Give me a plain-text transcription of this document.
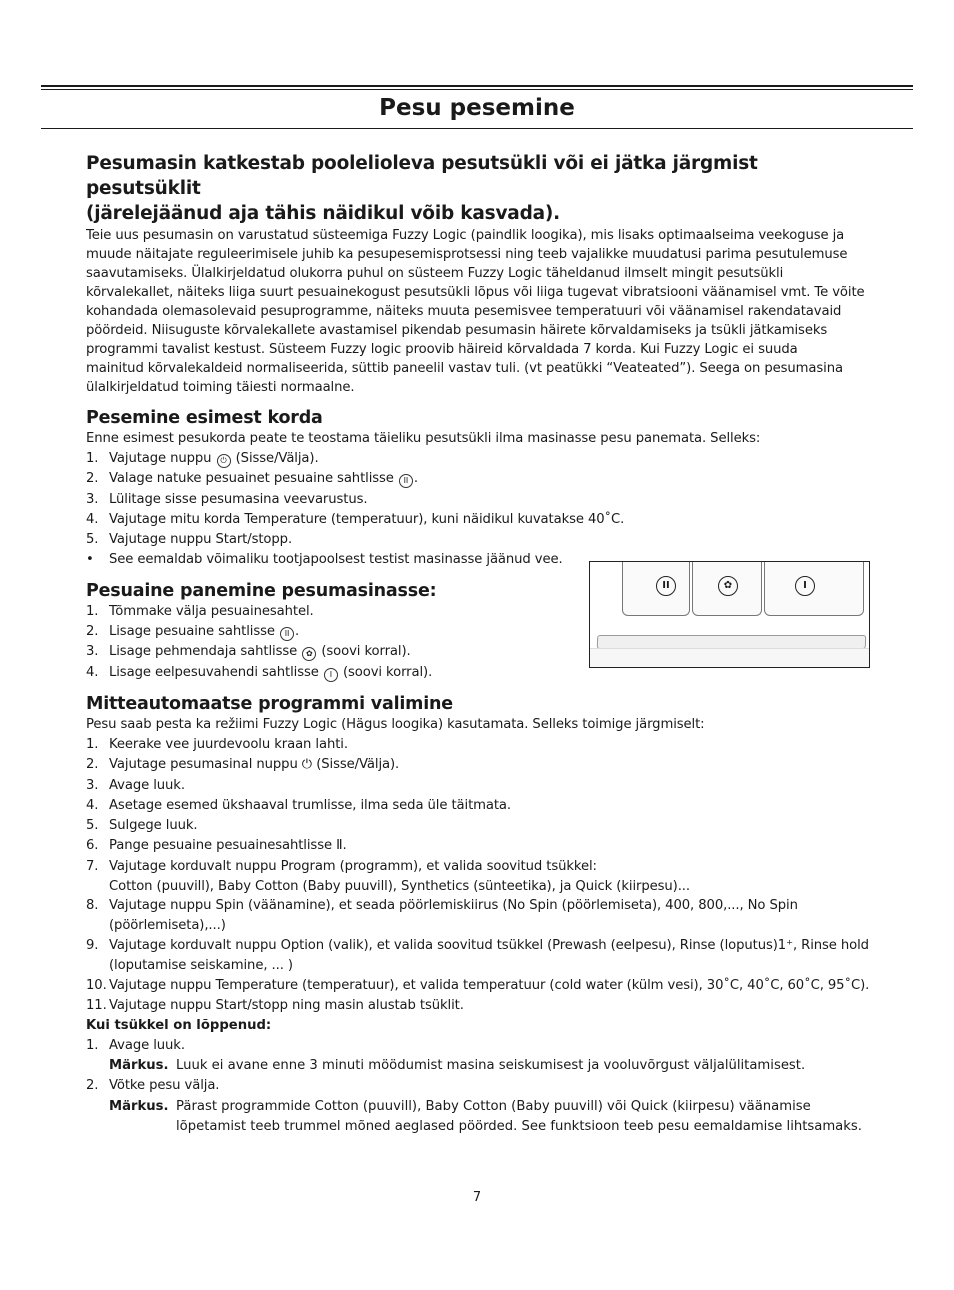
Pesu pesemine
Pesumasin katkestab poolelioleva pesutsükli või ei jätka järgmist pesutsüklit
(järelejäänud aja tähis näidikul võib kasvada).
Teie uus pesumasin on varustatud süsteemiga Fuzzy Logic (paindlik loogika), mis lisaks optimaalseima veekoguse ja
muude näitajate reguleerimisele juhib ka pesupesemisprotsessi ning teeb vajalikke muudatusi parima pesutulemuse
saavutamiseks. Ülalkirjeldatud olukorra puhul on süsteem Fuzzy Logic täheldanud ilmselt mingit pesutsükli
kõrvalekallet, näiteks liiga suurt pesuainekogust pesutsükli lõpus või liiga tugevat vibratsiooni väänamisel vmt. Te võite
kohandada olemasolevaid pesuprogramme, näiteks muuta pesemisvee temperatuuri või väänamisel rakendatavaid
pöördeid. Niisuguste kõrvalekallete avastamisel pikendab pesumasin häirete kõrvaldamiseks ja tsükli jätkamiseks
programmi tavalist kestust. Süsteem Fuzzy logic proovib häireid kõrvaldada 7 korda. Kui Fuzzy Logic ei suuda
mainitud kõrvalekaldeid normaliseerida, süttib paneelil vastav tuli. (vt peatükki “Veateated”). Seega on pesumasina
ülalkirjeldatud toiming täiesti normaalne.
Pesemine esimest korda
Enne esimest pesukorda peate te teostama täieliku pesutsükli ilma masinasse pesu panemata. Selleks:
1. Vajutage nuppu ⏻ (Sisse/Välja).
2. Valage natuke pesuainet pesuaine sahtlisse II .
3. Lülitage sisse pesumasina veevarustus.
4. Vajutage mitu korda Temperature (temperatuur), kuni näidikul kuvatakse 40˚C.
5. Vajutage nuppu Start/stopp.
•	See eemaldab võimaliku tootjapoolsest testist masinasse jäänud vee.
Pesuaine panemine pesumasinasse:
1. Tõmmake välja pesuainesahtel.
2. Lisage pesuaine sahtlisse II .
3. Lisage pehmendaja sahtlisse ✿ (soovi korral).
4. Lisage eelpesuvahendi sahtlisse I (soovi korral).
Mitteautomaatse programmi valimine
Pesu saab pesta ka režiimi Fuzzy Logic (Hägus loogika) kasutamata. Selleks toimige järgmiselt:
1. Keerake vee juurdevoolu kraan lahti.
2. Vajutage pesumasinal nuppu ⏻ (Sisse/Välja).
3. Avage luuk.
4. Asetage esemed ükshaaval trumlisse, ilma seda üle täitmata.
5. Sulgege luuk.
6. Pange pesuaine pesuainesahtlisse Ⅱ.
7. Vajutage korduvalt nuppu Program (programm), et valida soovitud tsükkel:
Cotton (puuvill), Baby Cotton (Baby puuvill), Synthetics (sünteetika), ja Quick (kiirpesu)...
8. Vajutage nuppu Spin (väänamine), et seada pöörlemiskiirus (No Spin (pöörlemiseta), 400, 800,..., No Spin
(pöörlemiseta),...)
9. Vajutage korduvalt nuppu Option (valik), et valida soovitud tsükkel (Prewash (eelpesu), Rinse (loputus)1⁺, Rinse hold
(loputamise seiskamine, ... )
10. Vajutage nuppu Temperature (temperatuur), et valida temperatuur (cold water (külm vesi), 30˚C, 40˚C, 60˚C, 95˚C).
11. Vajutage nuppu Start/stopp ning masin alustab tsüklit.
Kui tsükkel on lõppenud:
1. Avage luuk.
Märkus. Luuk ei avane enne 3 minuti möödumist masina seiskumisest ja vooluvõrgust väljalülitamisest.
2. Võtke pesu välja.
Märkus. Pärast programmide Cotton (puuvill), Baby Cotton (Baby puuvill) või Quick (kiirpesu) väänamise
lõpetamist teeb trummel mõned aeglased pöörded. See funktsioon teeb pesu eemaldamise lihtsamaks.
II	✿	I
7
